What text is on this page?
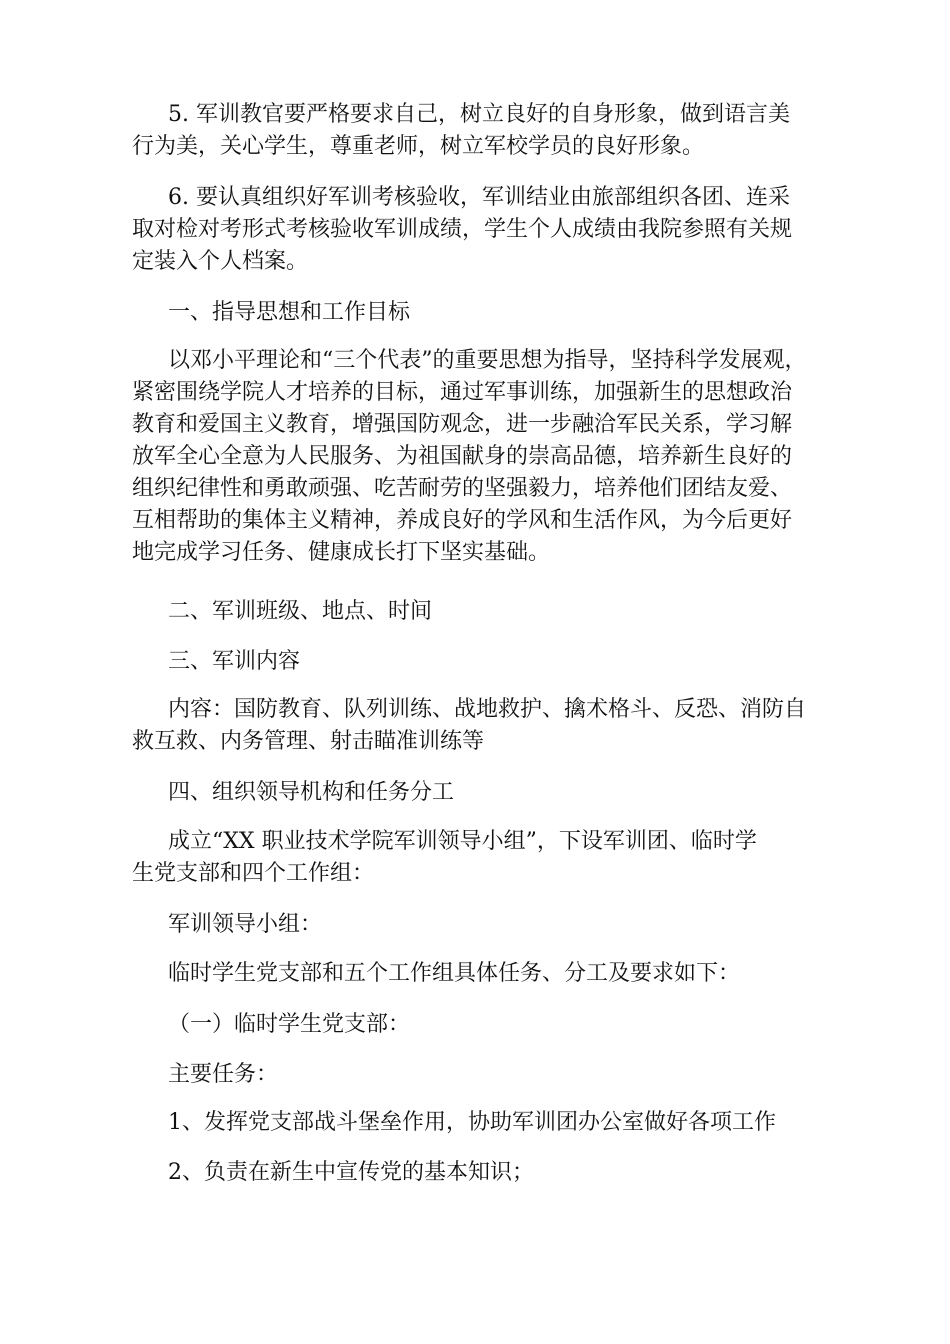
5. 军训教官要严格要求自己，树立良好的自身形象，做到语言美
行为美，关心学生，尊重老师，树立军校学员的良好形象。
6. 要认真组织好军训考核验收，军训结业由旅部组织各团、连采
取对检对考形式考核验收军训成绩，学生个人成绩由我院参照有关规
定装入个人档案。
一、指导思想和工作目标
以邓小平理论和“三个代表”的重要思想为指导，坚持科学发展观，
紧密围绕学院人才培养的目标，通过军事训练，加强新生的思想政治
教育和爱国主义教育，增强国防观念，进一步融洽军民关系，学习解
放军全心全意为人民服务、为祖国献身的崇高品德，培养新生良好的
组织纪律性和勇敢顽强、吃苦耐劳的坚强毅力，培养他们团结友爱、
互相帮助的集体主义精神，养成良好的学风和生活作风，为今后更好
地完成学习任务、健康成长打下坚实基础。
二、军训班级、地点、时间
三、军训内容
内容：国防教育、队列训练、战地救护、擒术格斗、反恐、消防自
救互救、内务管理、射击瞄准训练等
四、组织领导机构和任务分工
成立“XX 职业技术学院军训领导小组”，下设军训团、临时学
生党支部和四个工作组：
军训领导小组：
临时学生党支部和五个工作组具体任务、分工及要求如下：
（一）临时学生党支部：
主要任务：
1、发挥党支部战斗堡垒作用，协助军训团办公室做好各项工作
2、负责在新生中宣传党的基本知识；
